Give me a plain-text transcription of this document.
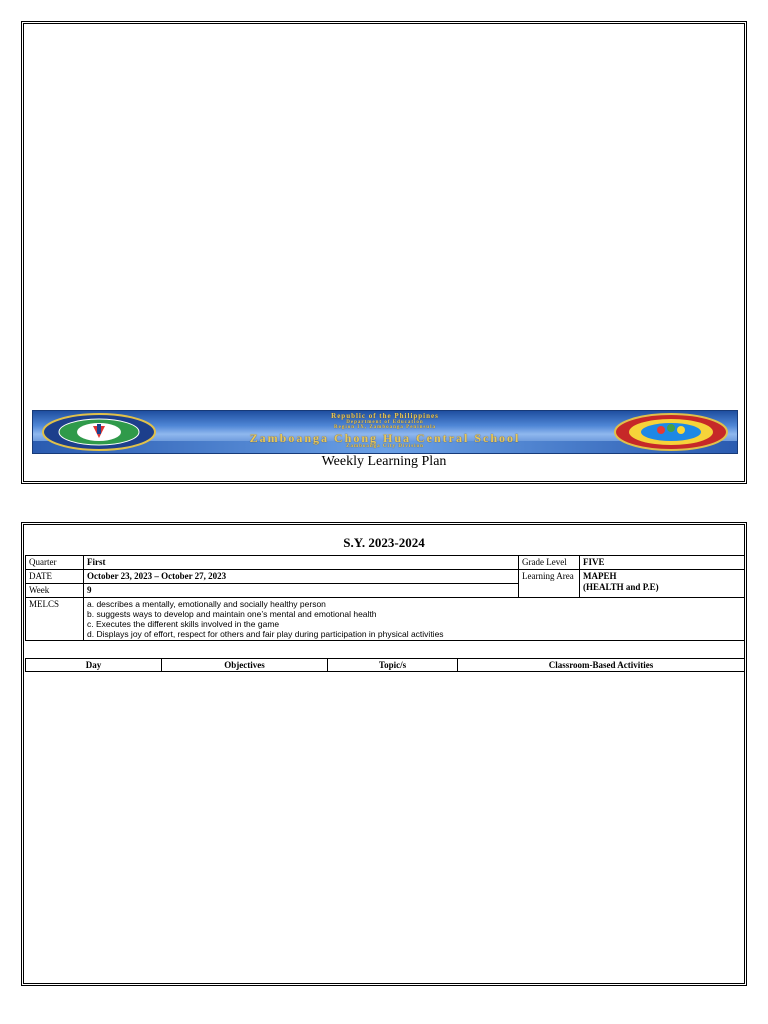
Republic of the Philippines
Department of Education
Region IX, Zamboanga Peninsula
Zamboanga Chong Hua Central School
Zamboanga City Division
Weekly Learning Plan
S.Y. 2023-2024
Quarter	First	Grade Level	FIVE
DATE	October 23, 2023 – October 27, 2023	Learning Area	MAPEH
(HEALTH and P.E)

Week	9		
MELCS	a. describes a mentally, emotionally and socially healthy person
b. suggests ways to develop and maintain one’s mental and emotional health
c. Executes the different skills involved in the game
d. Displays joy of effort, respect for others and fair play during participation in physical activities		
Day	Objectives	Topic/s	Classroom-Based Activities
